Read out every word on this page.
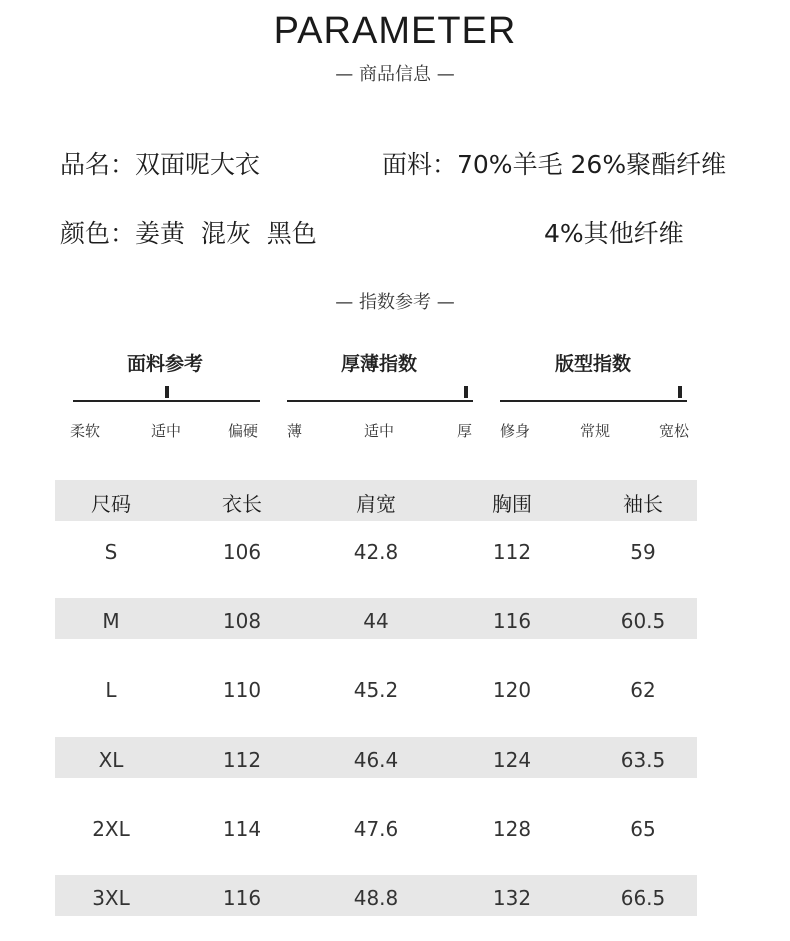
PARAMETER
— 商品信息 —
品名：双面呢大衣	面料：70%羊毛 26%聚酯纤维
颜色：姜黄  混灰  黑色	4%其他纤维
— 指数参考 —
面料参考
柔软	适中	偏硬
厚薄指数
薄	适中	厚
版型指数
修身	常规	宽松
尺码	衣长	肩宽	胸围	袖长
S	106	42.8	112	59
M	108	44	116	60.5
L	110	45.2	120	62
XL	112	46.4	124	63.5
2XL	114	47.6	128	65
3XL	116	48.8	132	66.5
